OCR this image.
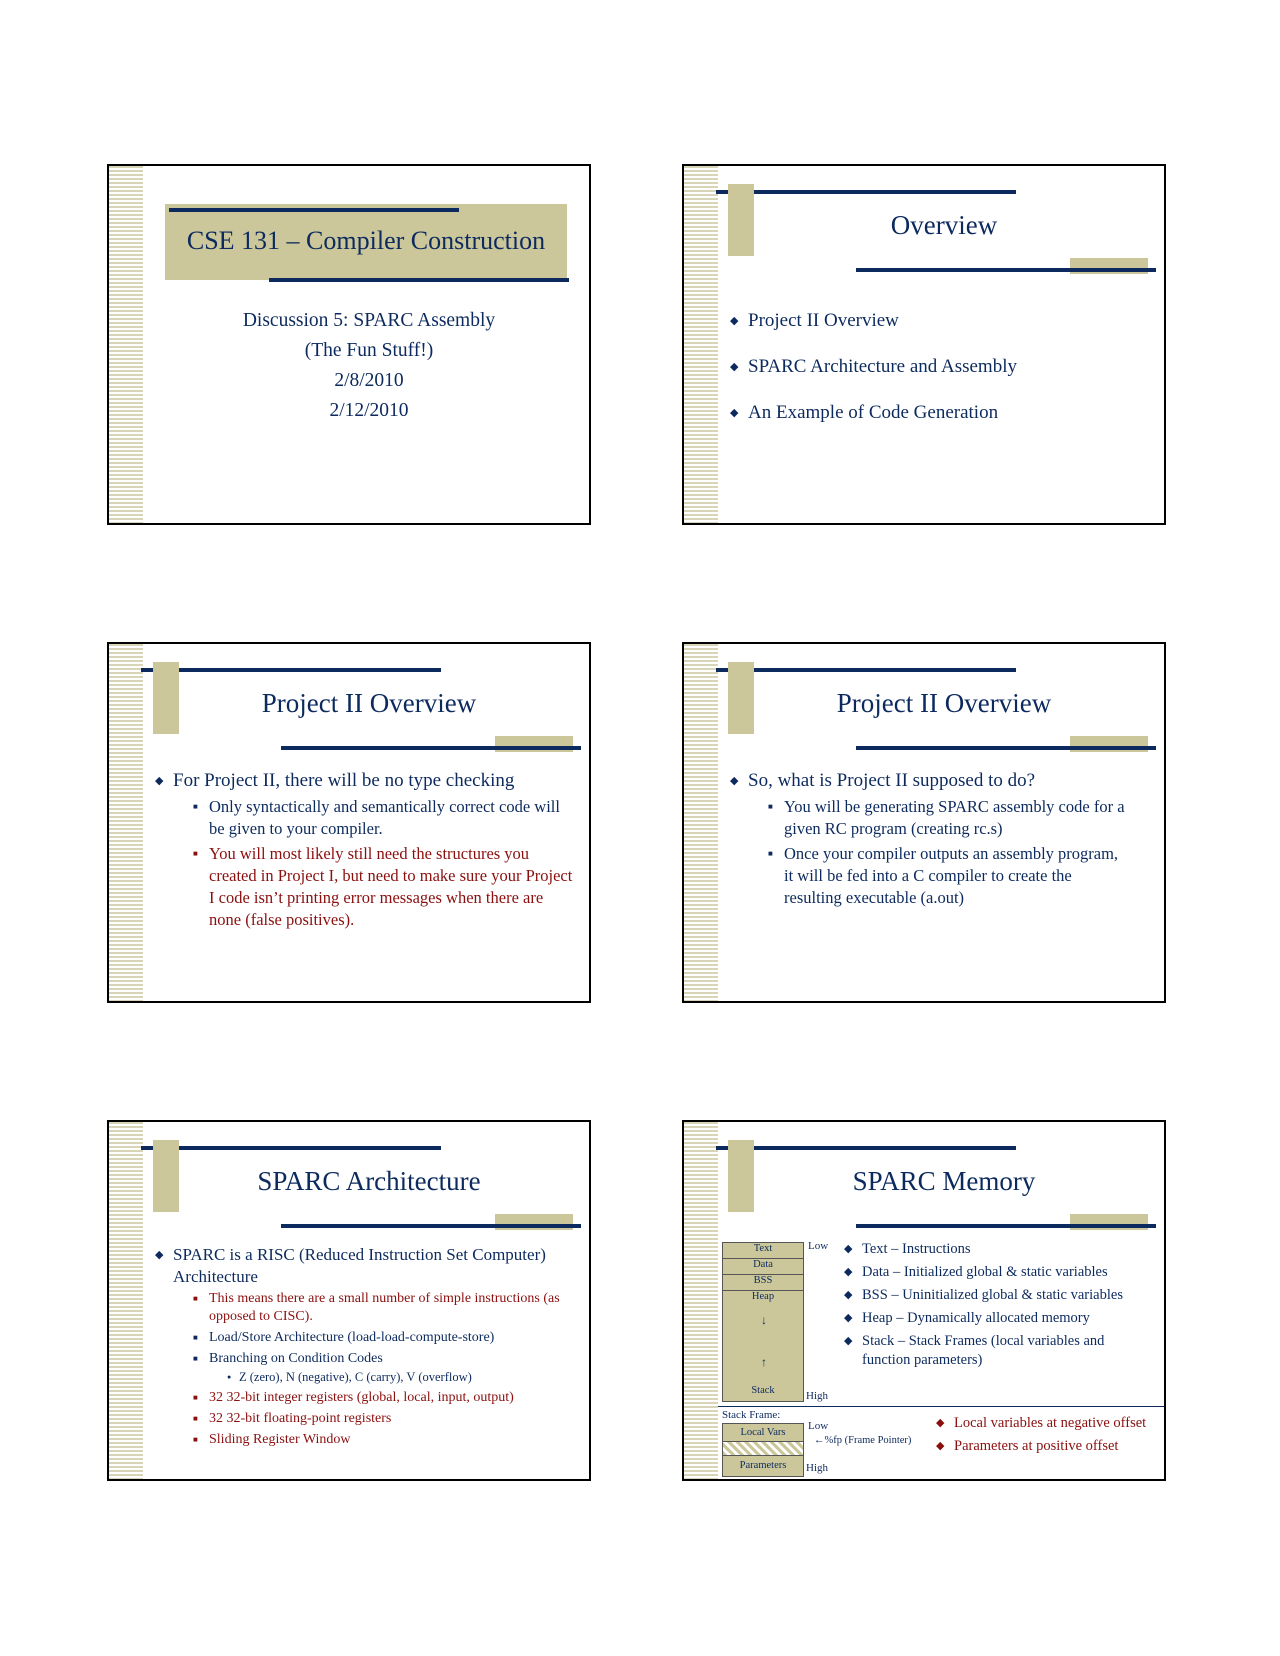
CSE 131 – Compiler Construction
Discussion 5: SPARC Assembly
(The Fun Stuff!)
2/8/2010
2/12/2010
Overview
◆ Project II Overview
◆ SPARC Architecture and Assembly
◆ An Example of Code Generation
Project II Overview
◆ For Project II, there will be no type checking
■ Only syntactically and semantically correct code will be given to your compiler.
■ You will most likely still need the structures you created in Project I, but need to make sure your Project I code isn’t printing error messages when there are none (false positives).
Project II Overview
◆ So, what is Project II supposed to do?
■ You will be generating SPARC assembly code for a given RC program (creating rc.s)
■ Once your compiler outputs an assembly program, it will be fed into a C compiler to create the resulting executable (a.out)
SPARC Architecture
◆ SPARC is a RISC (Reduced Instruction Set Computer) Architecture
■ This means there are a small number of simple instructions (as opposed to CISC).
■ Load/Store Architecture (load-load-compute-store)
■ Branching on Condition Codes
● Z (zero), N (negative), C (carry), V (overflow)
■ 32 32-bit integer registers (global, local, input, output)
■ 32 32-bit floating-point registers
■ Sliding Register Window
SPARC Memory
Text
Data
BSS
Heap
Stack
↓
↑
Low
High
◆ Text – Instructions
◆ Data – Initialized global & static variables
◆ BSS – Uninitialized global & static variables
◆ Heap – Dynamically allocated memory
◆ Stack – Stack Frames (local variables and function parameters)
Stack Frame:
Local Vars
Parameters
Low
High
←%fp (Frame Pointer)
◆ Local variables at negative offset
◆ Parameters at positive offset
